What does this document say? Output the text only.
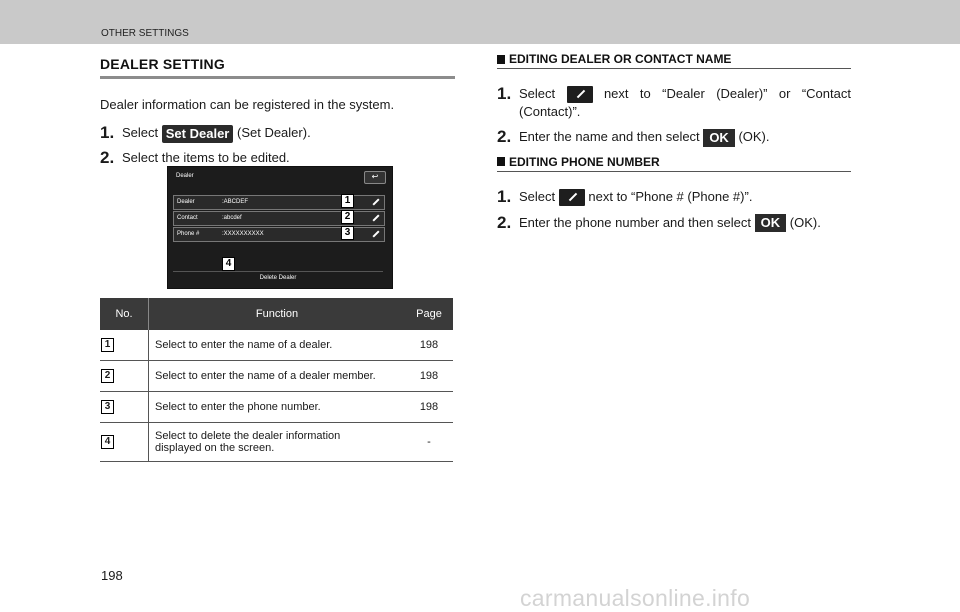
OTHER SETTINGS
DEALER SETTING
Dealer information can be registered in the system.
1. Select Set Dealer (Set Dealer).
2. Select the items to be edited.
Dealer	↩
Dealer	:ABCDEF
Contact	:abcdef
Phone #	:XXXXXXXXXX
1
2
3
4
Delete Dealer
No.	Function	Page
1	Select to enter the name of a dealer.	198
2	Select to enter the name of a dealer member.	198
3	Select to enter the phone number.	198
4	Select to delete the dealer information
displayed on the screen.	-
EDITING DEALER OR CONTACT NAME
1. Select	next to “Dealer (Dealer)” or “Contact (Contact)”.
2. Enter the name and then select OK (OK).
EDITING PHONE NUMBER
1. Select	next to “Phone # (Phone #)”.
2. Enter the phone number and then select OK (OK).
198
carmanualsonline.info
